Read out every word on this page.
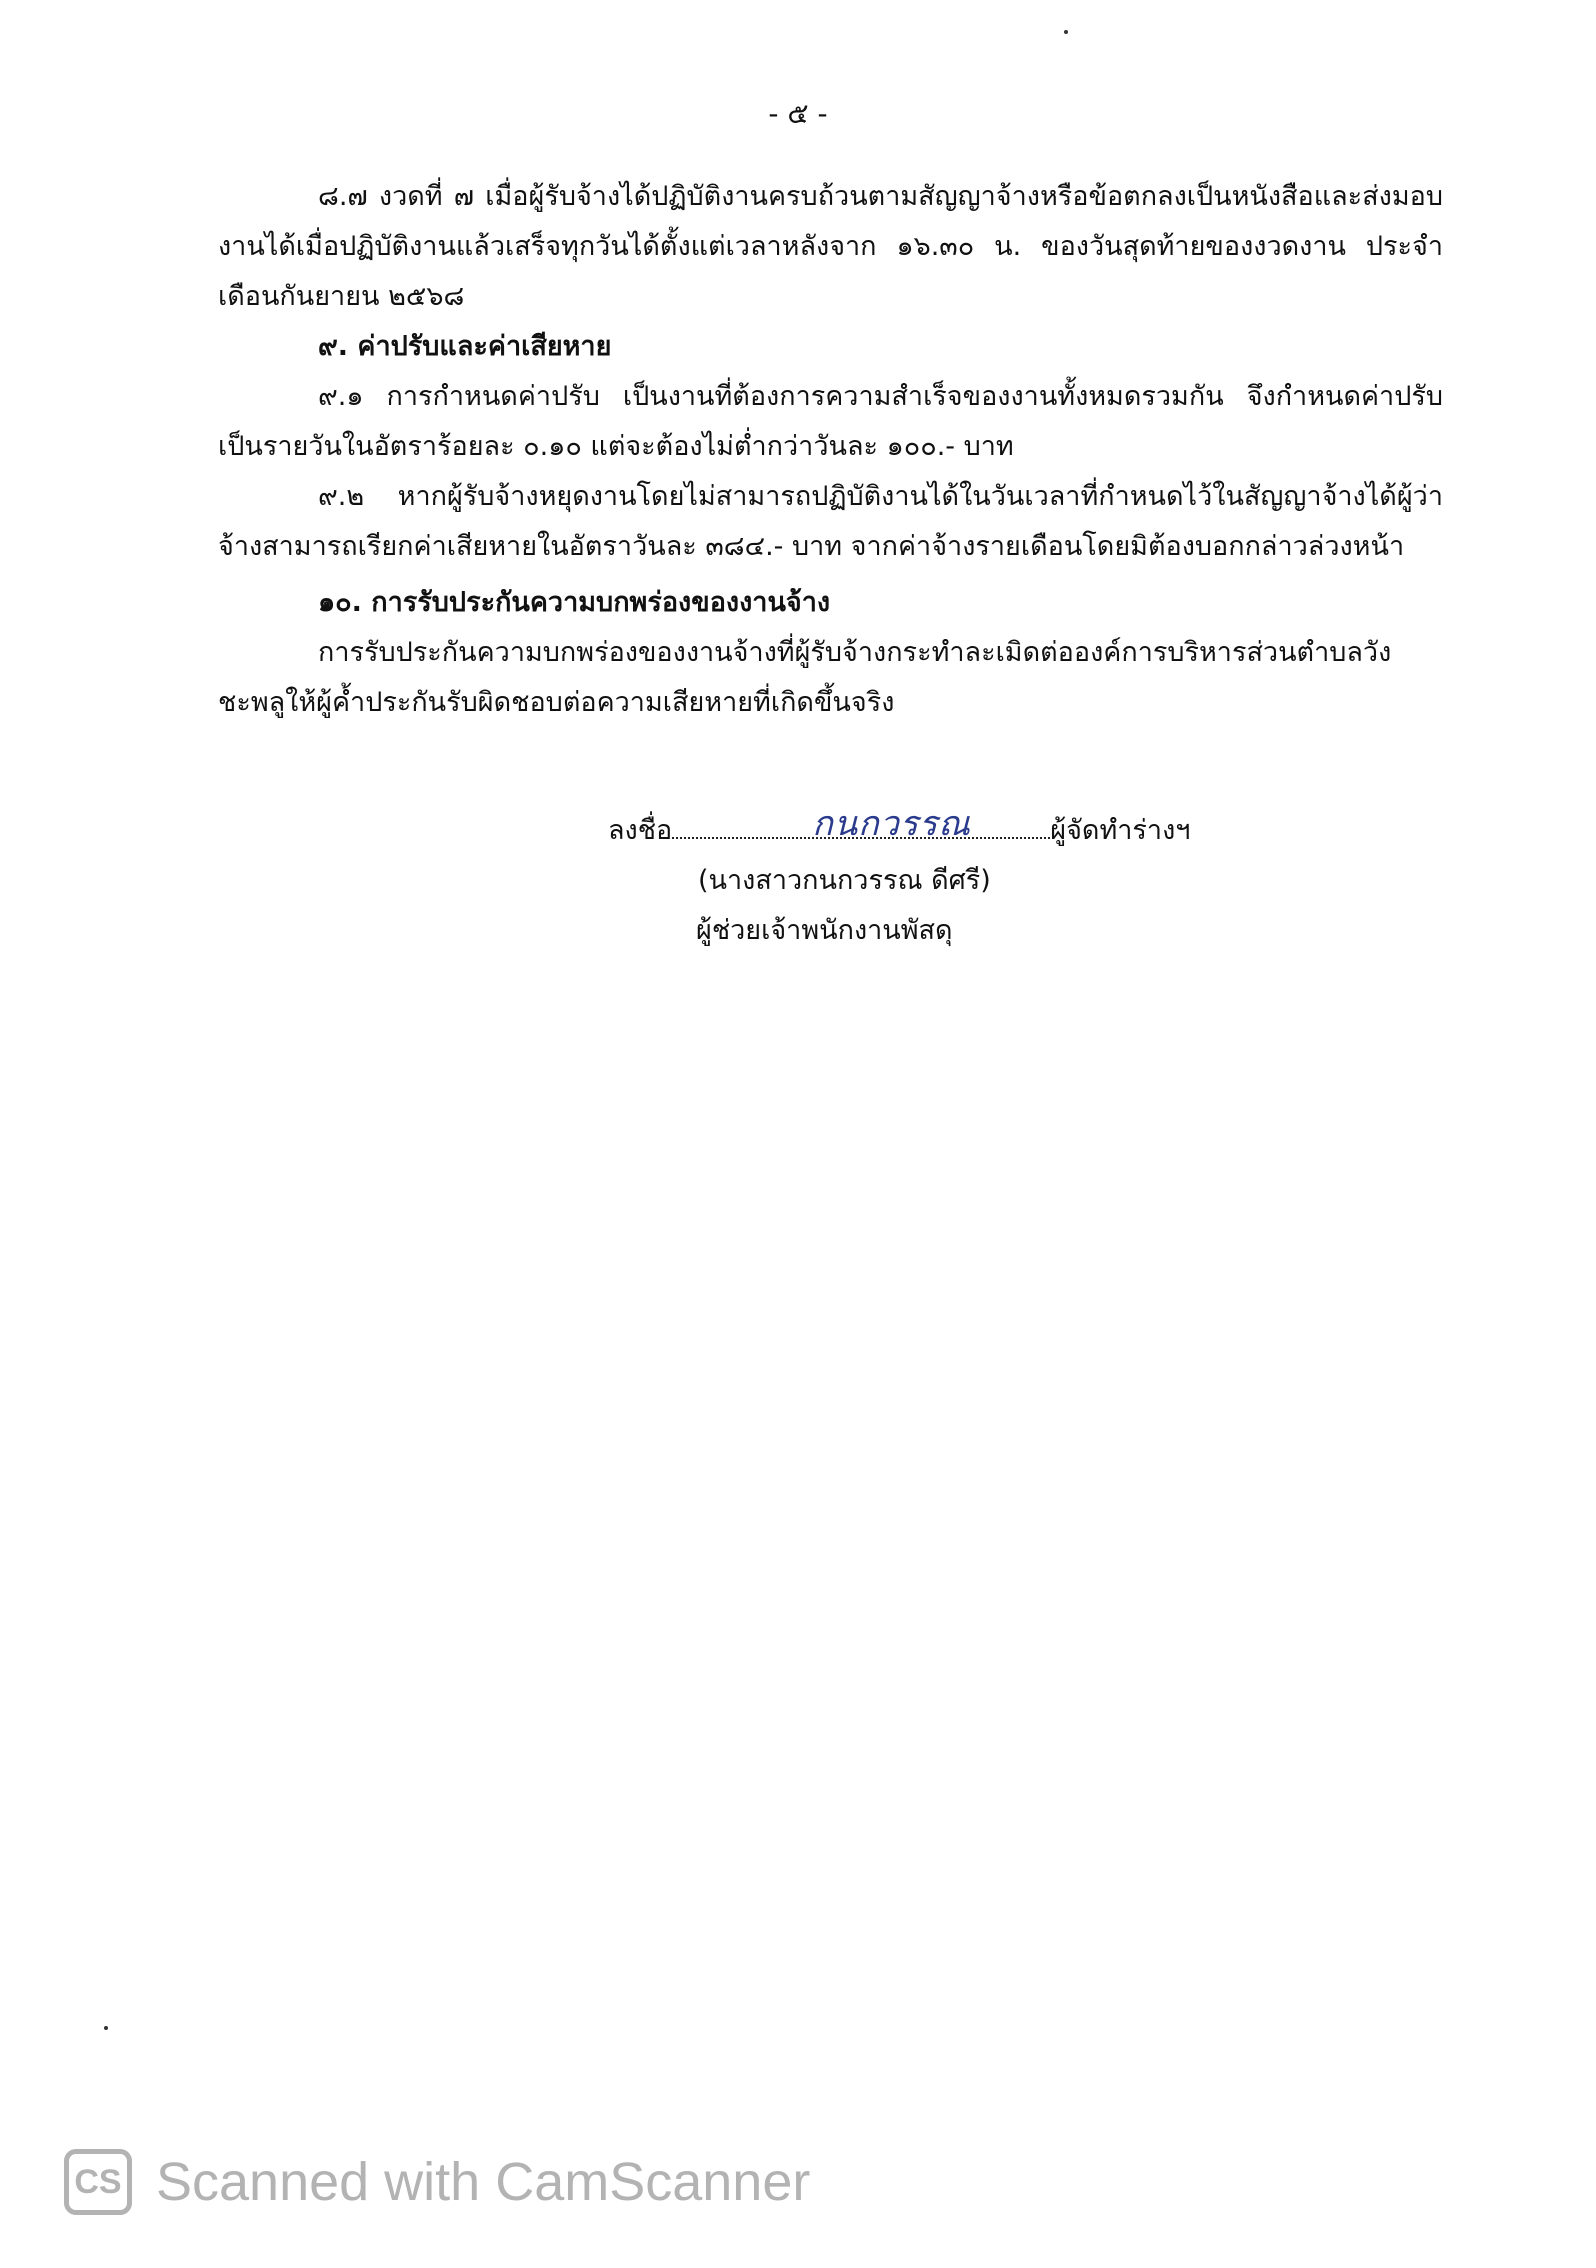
- ๕ -

๘.๗ งวดที่ ๗ เมื่อผู้รับจ้างได้ปฏิบัติงานครบถ้วนตามสัญญาจ้างหรือข้อตกลงเป็นหนังสือและส่งมอบงานได้เมื่อปฏิบัติงานแล้วเสร็จทุกวันได้ตั้งแต่เวลาหลังจาก ๑๖.๓๐ น. ของวันสุดท้ายของงวดงาน ประจำเดือนกันยายน ๒๕๖๘

๙. ค่าปรับและค่าเสียหาย

๙.๑ การกำหนดค่าปรับ เป็นงานที่ต้องการความสำเร็จของงานทั้งหมดรวมกัน จึงกำหนดค่าปรับเป็นรายวันในอัตราร้อยละ ๐.๑๐ แต่จะต้องไม่ต่ำกว่าวันละ ๑๐๐.- บาท

๙.๒ หากผู้รับจ้างหยุดงานโดยไม่สามารถปฏิบัติงานได้ในวันเวลาที่กำหนดไว้ในสัญญาจ้างได้ผู้ว่าจ้างสามารถเรียกค่าเสียหายในอัตราวันละ ๓๘๔.- บาท จากค่าจ้างรายเดือนโดยมิต้องบอกกล่าวล่วงหน้า

๑๐. การรับประกันความบกพร่องของงานจ้าง

การรับประกันความบกพร่องของงานจ้างที่ผู้รับจ้างกระทำละเมิดต่อองค์การบริหารส่วนตำบลวังชะพลูให้ผู้ค้ำประกันรับผิดชอบต่อความเสียหายที่เกิดขึ้นจริง

ลงชื่อ	กนกวรรณ	ผู้จัดทำร่างฯ
(นางสาวกนกวรรณ ดีศรี)
ผู้ช่วยเจ้าพนักงานพัสดุ
CS Scanned with CamScanner
